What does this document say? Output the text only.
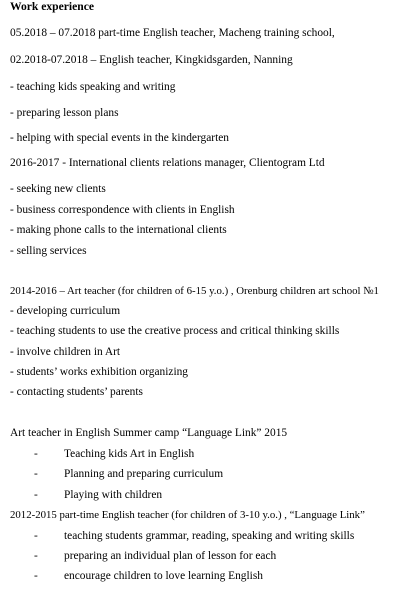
Work experience
05.2018 – 07.2018 part-time English teacher, Macheng training school,
02.2018-07.2018 – English teacher, Kingkidsgarden, Nanning
- teaching kids speaking and writing
- preparing lesson plans
- helping with special events in the kindergarten
2016-2017 - International clients relations manager, Clientogram Ltd
- seeking new clients
- business correspondence with clients in English
- making phone calls to the international clients
- selling services
2014-2016 – Art teacher (for children of 6-15 y.o.) , Orenburg children art school №1
- developing curriculum
- teaching students to use the creative process and critical thinking skills
- involve children in Art
- students’ works exhibition organizing
- contacting students’ parents
Art teacher in English Summer camp “Language Link” 2015
- Teaching kids Art in English
- Planning and preparing curriculum
- Playing with children
2012-2015 part-time English teacher (for children of 3-10 y.o.) , “Language Link”
- teaching students grammar, reading, speaking and writing skills
- preparing an individual plan of lesson for each
- encourage children to love learning English
